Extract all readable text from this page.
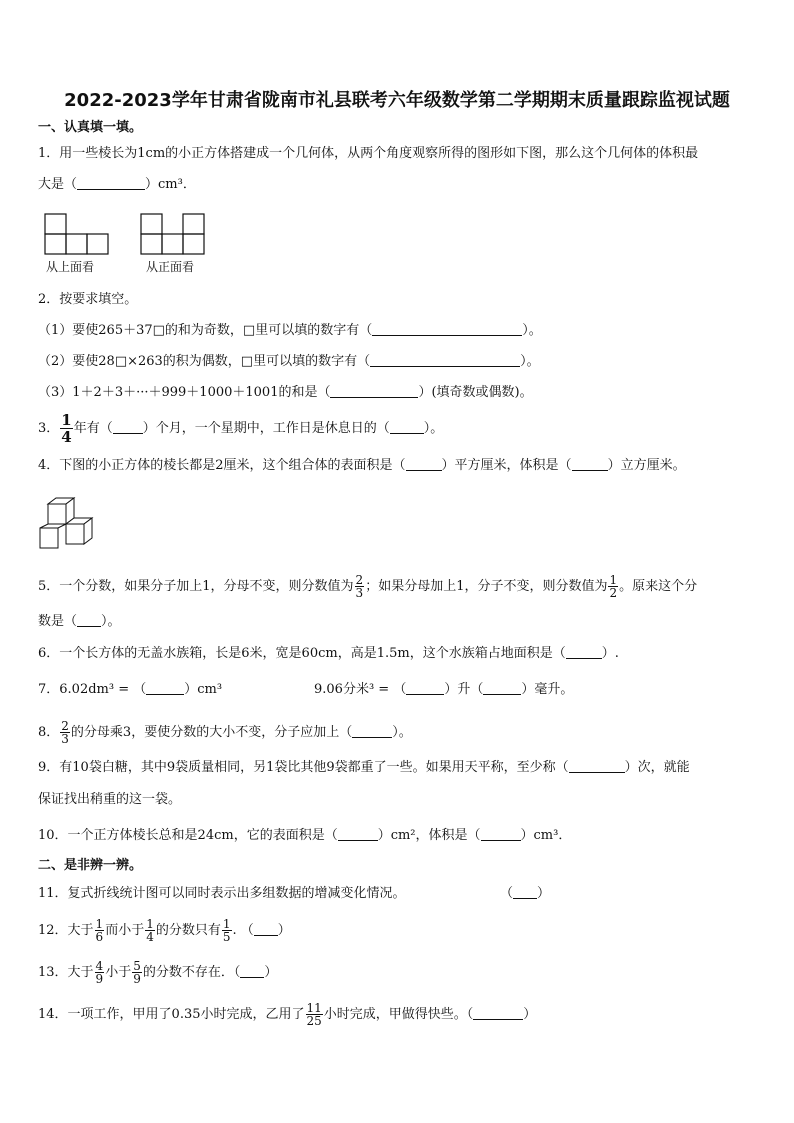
2022-2023学年甘肃省陇南市礼县联考六年级数学第二学期期末质量跟踪监视试题
一、认真填一填。
1．用一些棱长为1cm的小正方体搭建成一个几何体，从两个角度观察所得的图形如下图，那么这个几何体的体积最
大是（	）cm³．
从上面看	从正面看
2．按要求填空。
（1）要使265＋37□的和为奇数，□里可以填的数字有（	）。
（2）要使28□×263的积为偶数，□里可以填的数字有（	）。
（3）1＋2＋3＋···＋999＋1000＋1001的和是（	）(填奇数或偶数)。
3． $\frac{1}{4}$ 年有（ ）个月，一个星期中，工作日是休息日的（	）。
4．下图的小正方体的棱长都是2厘米，这个组合体的表面积是（	）平方厘米，体积是（	）立方厘米。
5．一个分数，如果分子加上1，分母不变，则分数值为 $\frac{2}{3}$ ；如果分母加上1，分子不变，则分数值为 $\frac{1}{2}$ 。原来这个分
数是（ ）。
6．一个长方体的无盖水族箱，长是6米，宽是60cm，高是1.5m，这个水族箱占地面积是（	）.
7．6.02dm³ = （	）cm³	9.06分米³ = （	）升（	）毫升。
8． $\frac{2}{3}$ 的分母乘3，要使分数的大小不变，分子应加上（	）。
9．有10袋白糖，其中9袋质量相同，另1袋比其他9袋都重了一些。如果用天平称，至少称（	）次，就能
保证找出稍重的这一袋。
10．一个正方体棱长总和是24cm，它的表面积是（	）cm²，体积是（	）cm³．
二、是非辨一辨。
11．复式折线统计图可以同时表示出多组数据的增减变化情况。	（ ）
12．大于 $\frac{1}{6}$ 而小于 $\frac{1}{4}$ 的分数只有 $\frac{1}{5}$ . （ ）
13．大于 $\frac{4}{9}$ 小于 $\frac{5}{9}$ 的分数不存在．（ ）
14．一项工作，甲用了0.35小时完成，乙用了 $\frac{11}{25}$ 小时完成，甲做得快些。（	）
